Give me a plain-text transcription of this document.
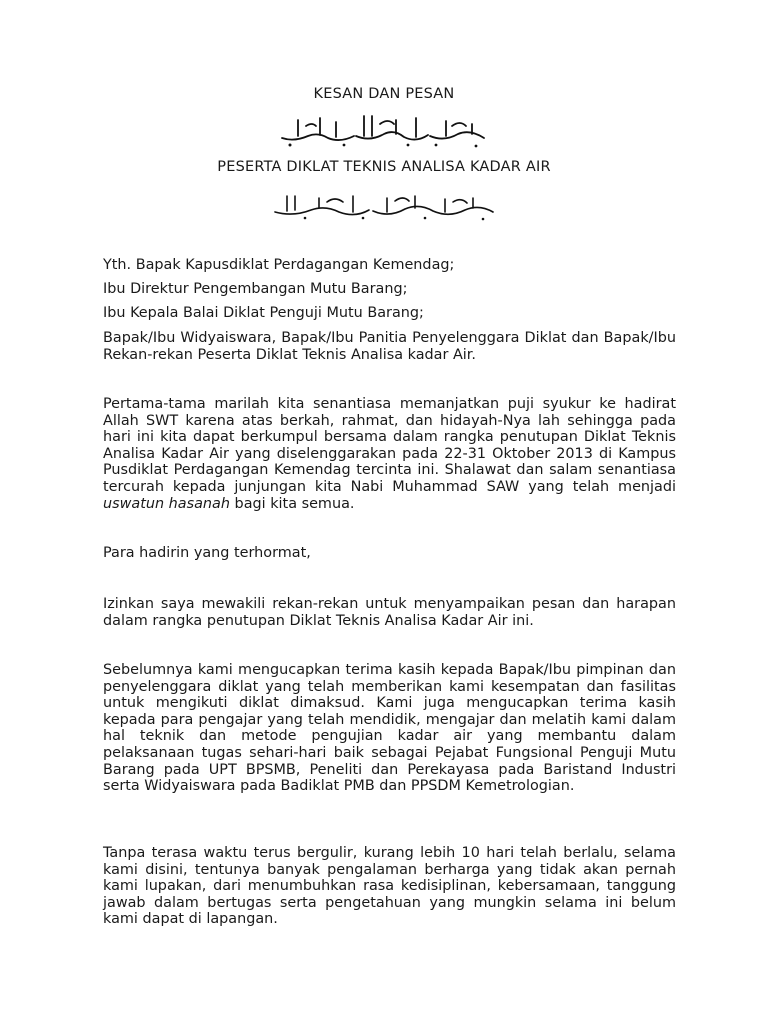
KESAN DAN PESAN
PESERTA DIKLAT TEKNIS ANALISA KADAR AIR

Yth. Bapak Kapusdiklat Perdagangan Kemendag;

Ibu Direktur Pengembangan Mutu Barang;

Ibu Kepala Balai Diklat Penguji Mutu Barang;

Bapak/Ibu Widyaiswara, Bapak/Ibu Panitia Penyelenggara Diklat dan Bapak/Ibu Rekan-rekan Peserta Diklat Teknis Analisa kadar Air.

Pertama-tama marilah kita senantiasa memanjatkan puji syukur ke hadirat Allah SWT karena atas berkah, rahmat, dan hidayah-Nya lah sehingga pada hari ini kita dapat berkumpul bersama dalam rangka penutupan Diklat Teknis Analisa Kadar Air yang diselenggarakan pada 22-31 Oktober 2013 di Kampus Pusdiklat Perdagangan Kemendag tercinta ini. Shalawat dan salam senantiasa tercurah kepada junjungan kita Nabi Muhammad SAW yang telah menjadi uswatun hasanah bagi kita semua.

Para hadirin yang terhormat,

Izinkan saya mewakili rekan-rekan untuk menyampaikan pesan dan harapan dalam rangka penutupan Diklat Teknis Analisa Kadar Air ini.

Sebelumnya kami mengucapkan terima kasih kepada Bapak/Ibu pimpinan dan penyelenggara diklat yang telah memberikan kami kesempatan dan fasilitas untuk mengikuti diklat dimaksud. Kami juga mengucapkan terima kasih kepada para pengajar yang telah mendidik, mengajar dan melatih kami dalam hal teknik dan metode pengujian kadar air yang membantu dalam pelaksanaan tugas sehari-hari baik sebagai Pejabat Fungsional Penguji Mutu Barang pada UPT BPSMB, Peneliti dan Perekayasa pada Baristand Industri serta Widyaiswara pada Badiklat PMB dan PPSDM Kemetrologian.

Tanpa terasa waktu terus bergulir, kurang lebih 10 hari telah berlalu, selama kami disini, tentunya banyak pengalaman berharga yang tidak akan pernah kami lupakan, dari menumbuhkan rasa kedisiplinan, kebersamaan, tanggung jawab dalam bertugas serta pengetahuan yang mungkin selama ini belum kami dapat di lapangan.
